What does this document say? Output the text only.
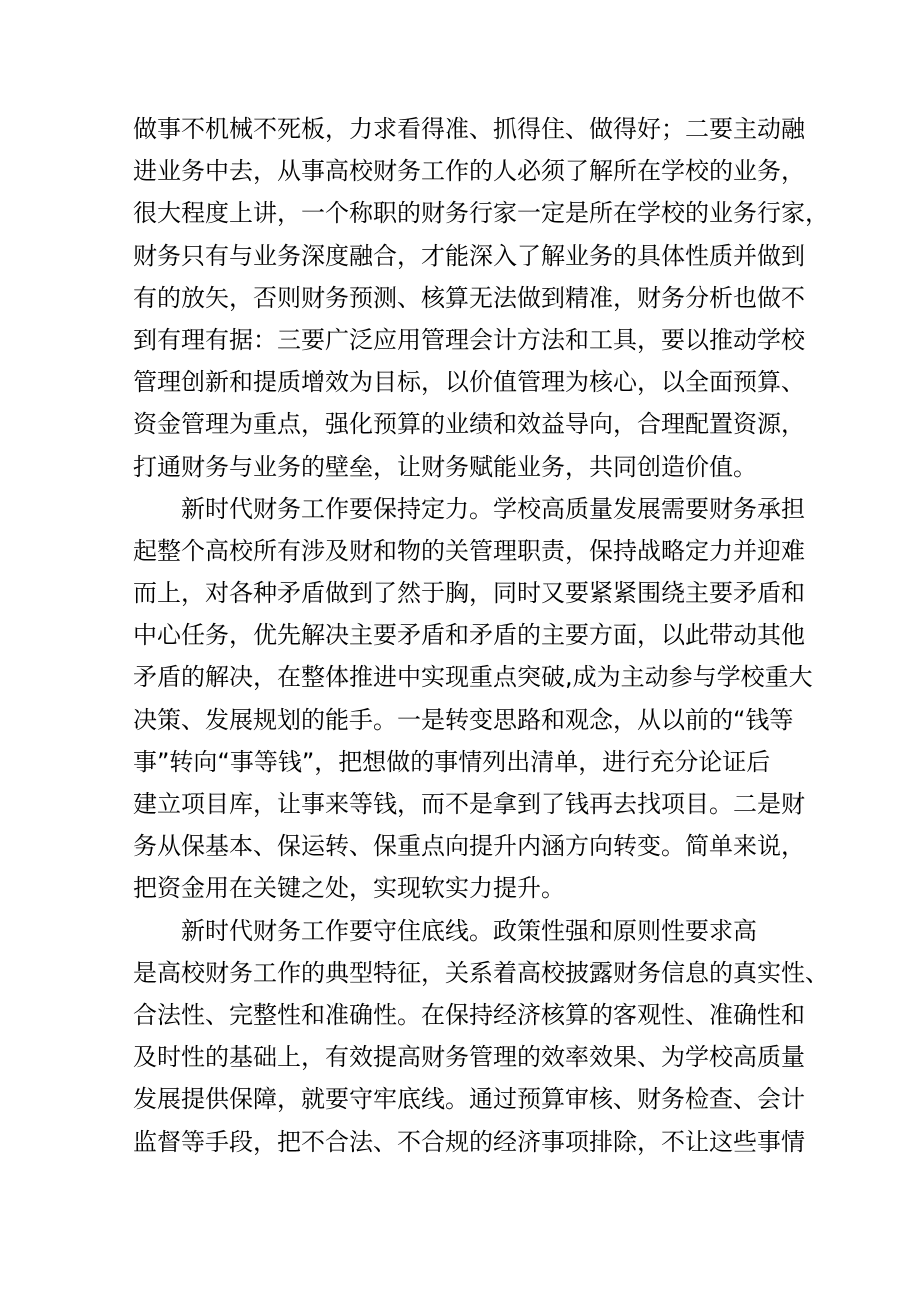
做事不机械不死板，力求看得准、抓得住、做得好；二要主动融
进业务中去，从事高校财务工作的人必须了解所在学校的业务，
很大程度上讲，一个称职的财务行家一定是所在学校的业务行家，
财务只有与业务深度融合，才能深入了解业务的具体性质并做到
有的放矢，否则财务预测、核算无法做到精准，财务分析也做不
到有理有据：三要广泛应用管理会计方法和工具，要以推动学校
管理创新和提质增效为目标，以价值管理为核心，以全面预算、
资金管理为重点，强化预算的业绩和效益导向，合理配置资源，
打通财务与业务的壁垒，让财务赋能业务，共同创造价值。
新时代财务工作要保持定力。学校高质量发展需要财务承担
起整个高校所有涉及财和物的关管理职责，保持战略定力并迎难
而上，对各种矛盾做到了然于胸，同时又要紧紧围绕主要矛盾和
中心任务，优先解决主要矛盾和矛盾的主要方面，以此带动其他
矛盾的解决，在整体推进中实现重点突破,成为主动参与学校重大
决策、发展规划的能手。一是转变思路和观念，从以前的“钱等
事”转向“事等钱”，把想做的事情列出清单，进行充分论证后
建立项目库，让事来等钱，而不是拿到了钱再去找项目。二是财
务从保基本、保运转、保重点向提升内涵方向转变。简单来说，
把资金用在关键之处，实现软实力提升。
新时代财务工作要守住底线。政策性强和原则性要求高
是高校财务工作的典型特征，关系着高校披露财务信息的真实性、
合法性、完整性和准确性。在保持经济核算的客观性、准确性和
及时性的基础上，有效提高财务管理的效率效果、为学校高质量
发展提供保障，就要守牢底线。通过预算审核、财务检查、会计
监督等手段，把不合法、不合规的经济事项排除，不让这些事情
